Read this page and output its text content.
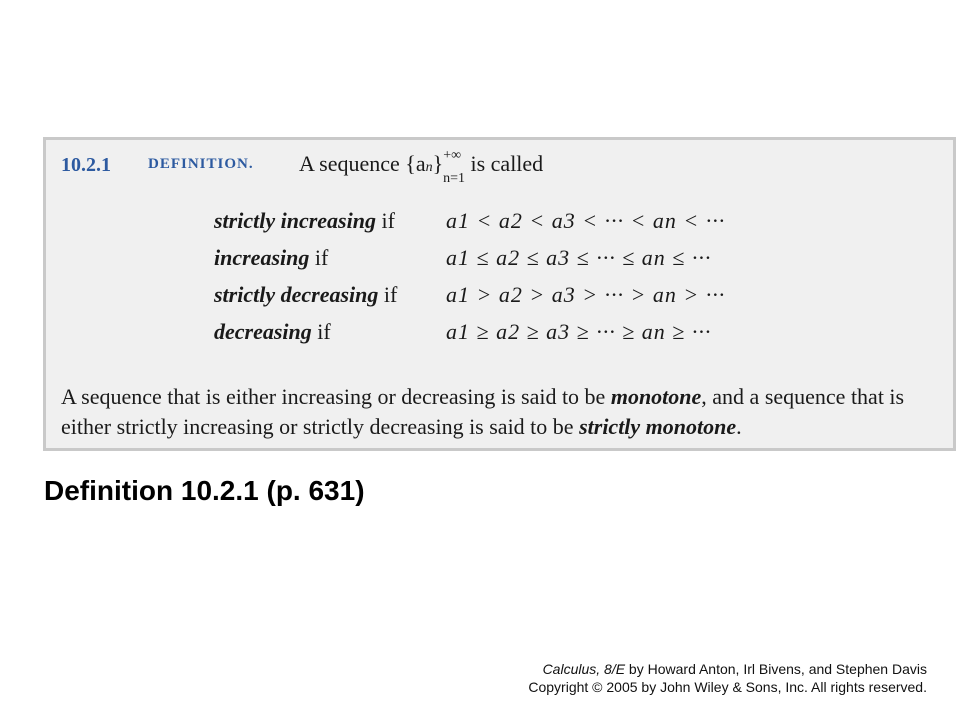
10.2.1 DEFINITION. A sequence $\{an\}^{+\infty}_{n=1}$ is called
strictly increasing if a1 < a2 < a3 < ··· < an < ···
increasing if	a1 ≤ a2 ≤ a3 ≤ ··· ≤ an ≤ ···
strictly decreasing if a1 > a2 > a3 > ··· > an > ···
decreasing if	a1 ≥ a2 ≥ a3 ≥ ··· ≥ an ≥ ···
A sequence that is either increasing or decreasing is said to be monotone, and a sequence that is either strictly increasing or strictly decreasing is said to be strictly monotone.
Definition 10.2.1 (p. 631)
Calculus, 8/E by Howard Anton, Irl Bivens, and Stephen Davis
Copyright © 2005 by John Wiley & Sons, Inc. All rights reserved.
